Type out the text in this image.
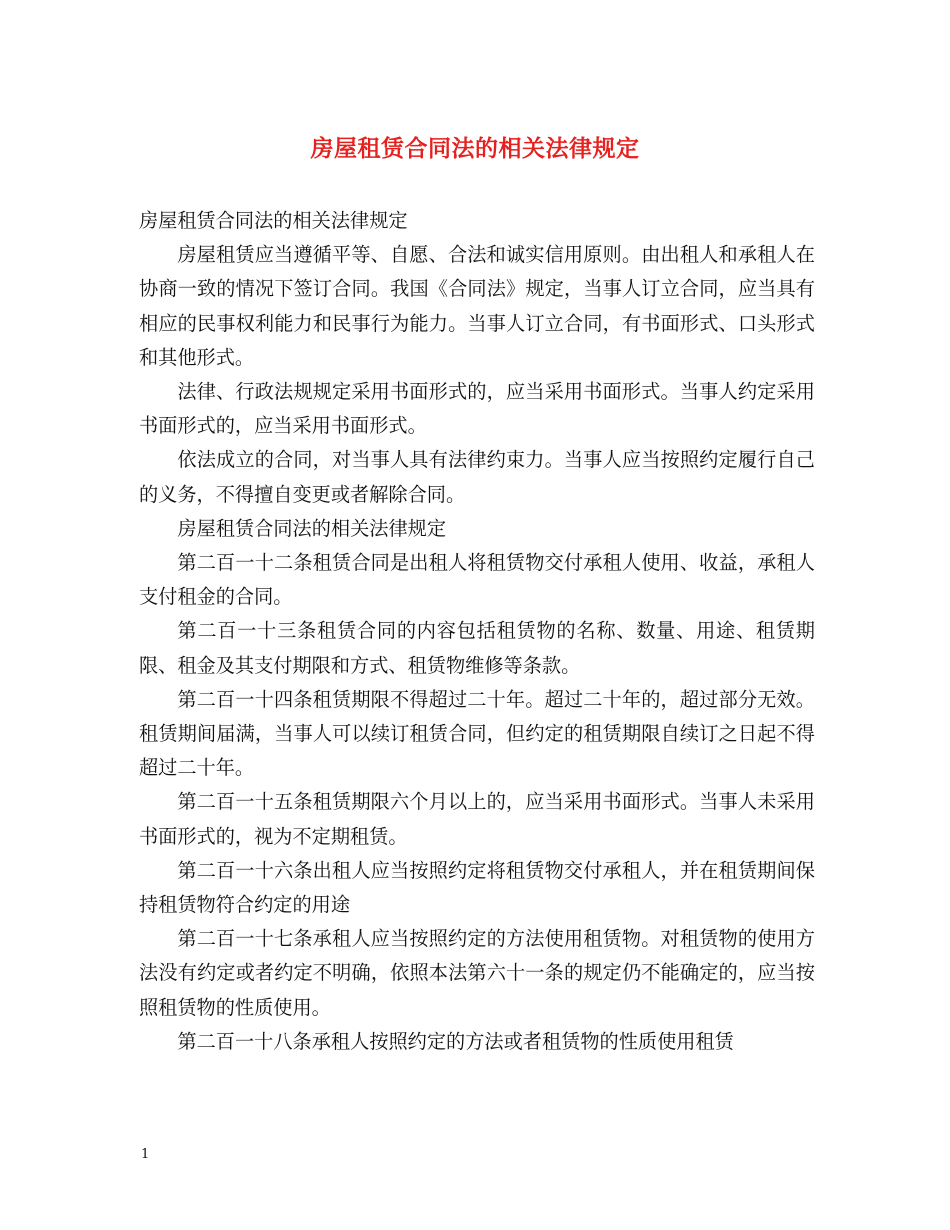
房屋租赁合同法的相关法律规定

房屋租赁合同法的相关法律规定

房屋租赁应当遵循平等、自愿、合法和诚实信用原则。由出租人和承租人在协商一致的情况下签订合同。我国《合同法》规定，当事人订立合同，应当具有相应的民事权利能力和民事行为能力。当事人订立合同，有书面形式、口头形式和其他形式。

法律、行政法规规定采用书面形式的，应当采用书面形式。当事人约定采用书面形式的，应当采用书面形式。

依法成立的合同，对当事人具有法律约束力。当事人应当按照约定履行自己的义务，不得擅自变更或者解除合同。

房屋租赁合同法的相关法律规定

第二百一十二条租赁合同是出租人将租赁物交付承租人使用、收益，承租人支付租金的合同。

第二百一十三条租赁合同的内容包括租赁物的名称、数量、用途、租赁期限、租金及其支付期限和方式、租赁物维修等条款。

第二百一十四条租赁期限不得超过二十年。超过二十年的，超过部分无效。租赁期间届满，当事人可以续订租赁合同，但约定的租赁期限自续订之日起不得超过二十年。

第二百一十五条租赁期限六个月以上的，应当采用书面形式。当事人未采用书面形式的，视为不定期租赁。

第二百一十六条出租人应当按照约定将租赁物交付承租人，并在租赁期间保持租赁物符合约定的用途

第二百一十七条承租人应当按照约定的方法使用租赁物。对租赁物的使用方法没有约定或者约定不明确，依照本法第六十一条的规定仍不能确定的，应当按照租赁物的性质使用。

第二百一十八条承租人按照约定的方法或者租赁物的性质使用租赁

1
